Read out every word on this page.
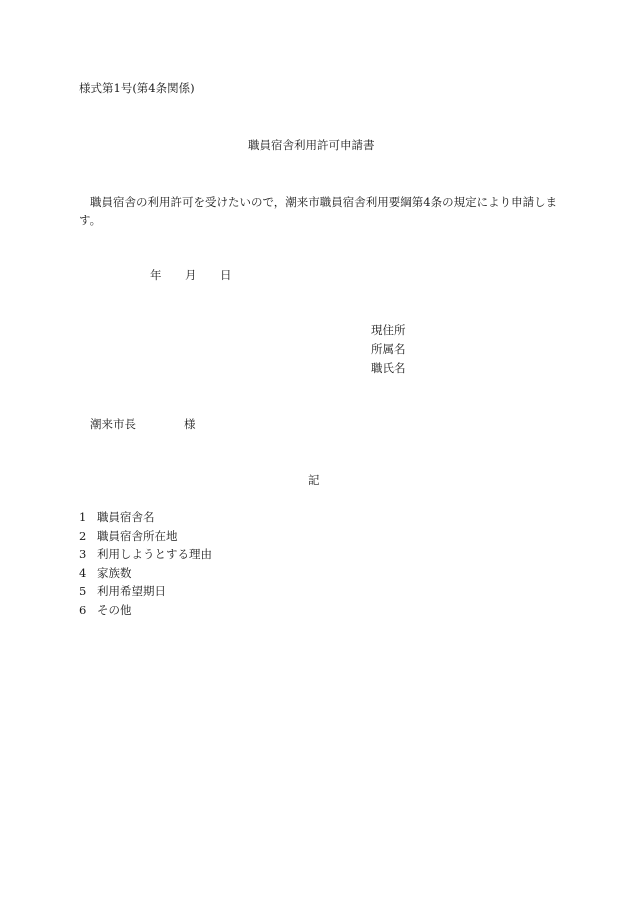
様式第1号(第4条関係)
職員宿舎利用許可申請書
職員宿舎の利用許可を受けたいので，潮来市職員宿舎利用要綱第4条の規定により申請します。
年 月 日
現住所
所属名
職氏名
潮来市長	様
記
1 職員宿舎名
2 職員宿舎所在地
3 利用しようとする理由
4 家族数
5 利用希望期日
6 その他
